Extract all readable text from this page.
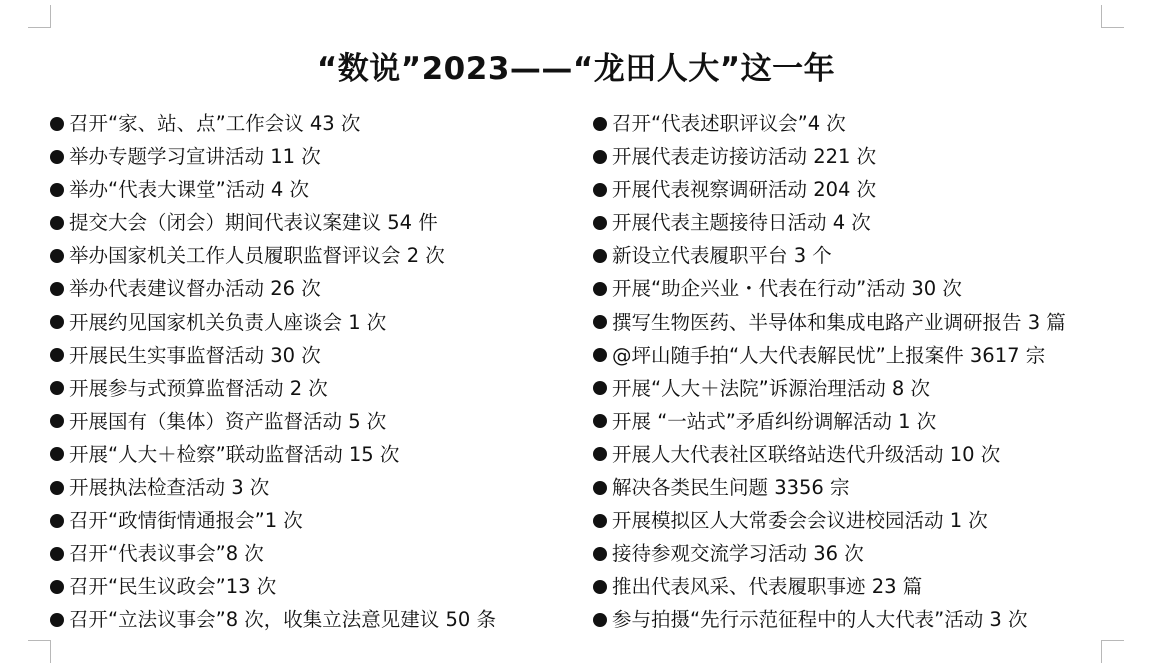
“数说”2023——“龙田人大”这一年
召开“家、站、点”工作会议 43 次
举办专题学习宣讲活动 11 次
举办“代表大课堂”活动 4 次
提交大会（闭会）期间代表议案建议 54 件
举办国家机关工作人员履职监督评议会 2 次
举办代表建议督办活动 26 次
开展约见国家机关负责人座谈会 1 次
开展民生实事监督活动 30 次
开展参与式预算监督活动 2 次
开展国有（集体）资产监督活动 5 次
开展“人大＋检察”联动监督活动 15 次
开展执法检查活动 3 次
召开“政情街情通报会”1 次
召开“代表议事会”8 次
召开“民生议政会”13 次
召开“立法议事会”8 次，收集立法意见建议 50 条
召开“代表述职评议会”4 次
开展代表走访接访活动 221 次
开展代表视察调研活动 204 次
开展代表主题接待日活动 4 次
新设立代表履职平台 3 个
开展“助企兴业・代表在行动”活动 30 次
撰写生物医药、半导体和集成电路产业调研报告 3 篇
@坪山随手拍“人大代表解民忧”上报案件 3617 宗
开展“人大＋法院”诉源治理活动 8 次
开展 “一站式”矛盾纠纷调解活动 1 次
开展人大代表社区联络站迭代升级活动 10 次
解决各类民生问题 3356 宗
开展模拟区人大常委会会议进校园活动 1 次
接待参观交流学习活动 36 次
推出代表风采、代表履职事迹 23 篇
参与拍摄“先行示范征程中的人大代表”活动 3 次
